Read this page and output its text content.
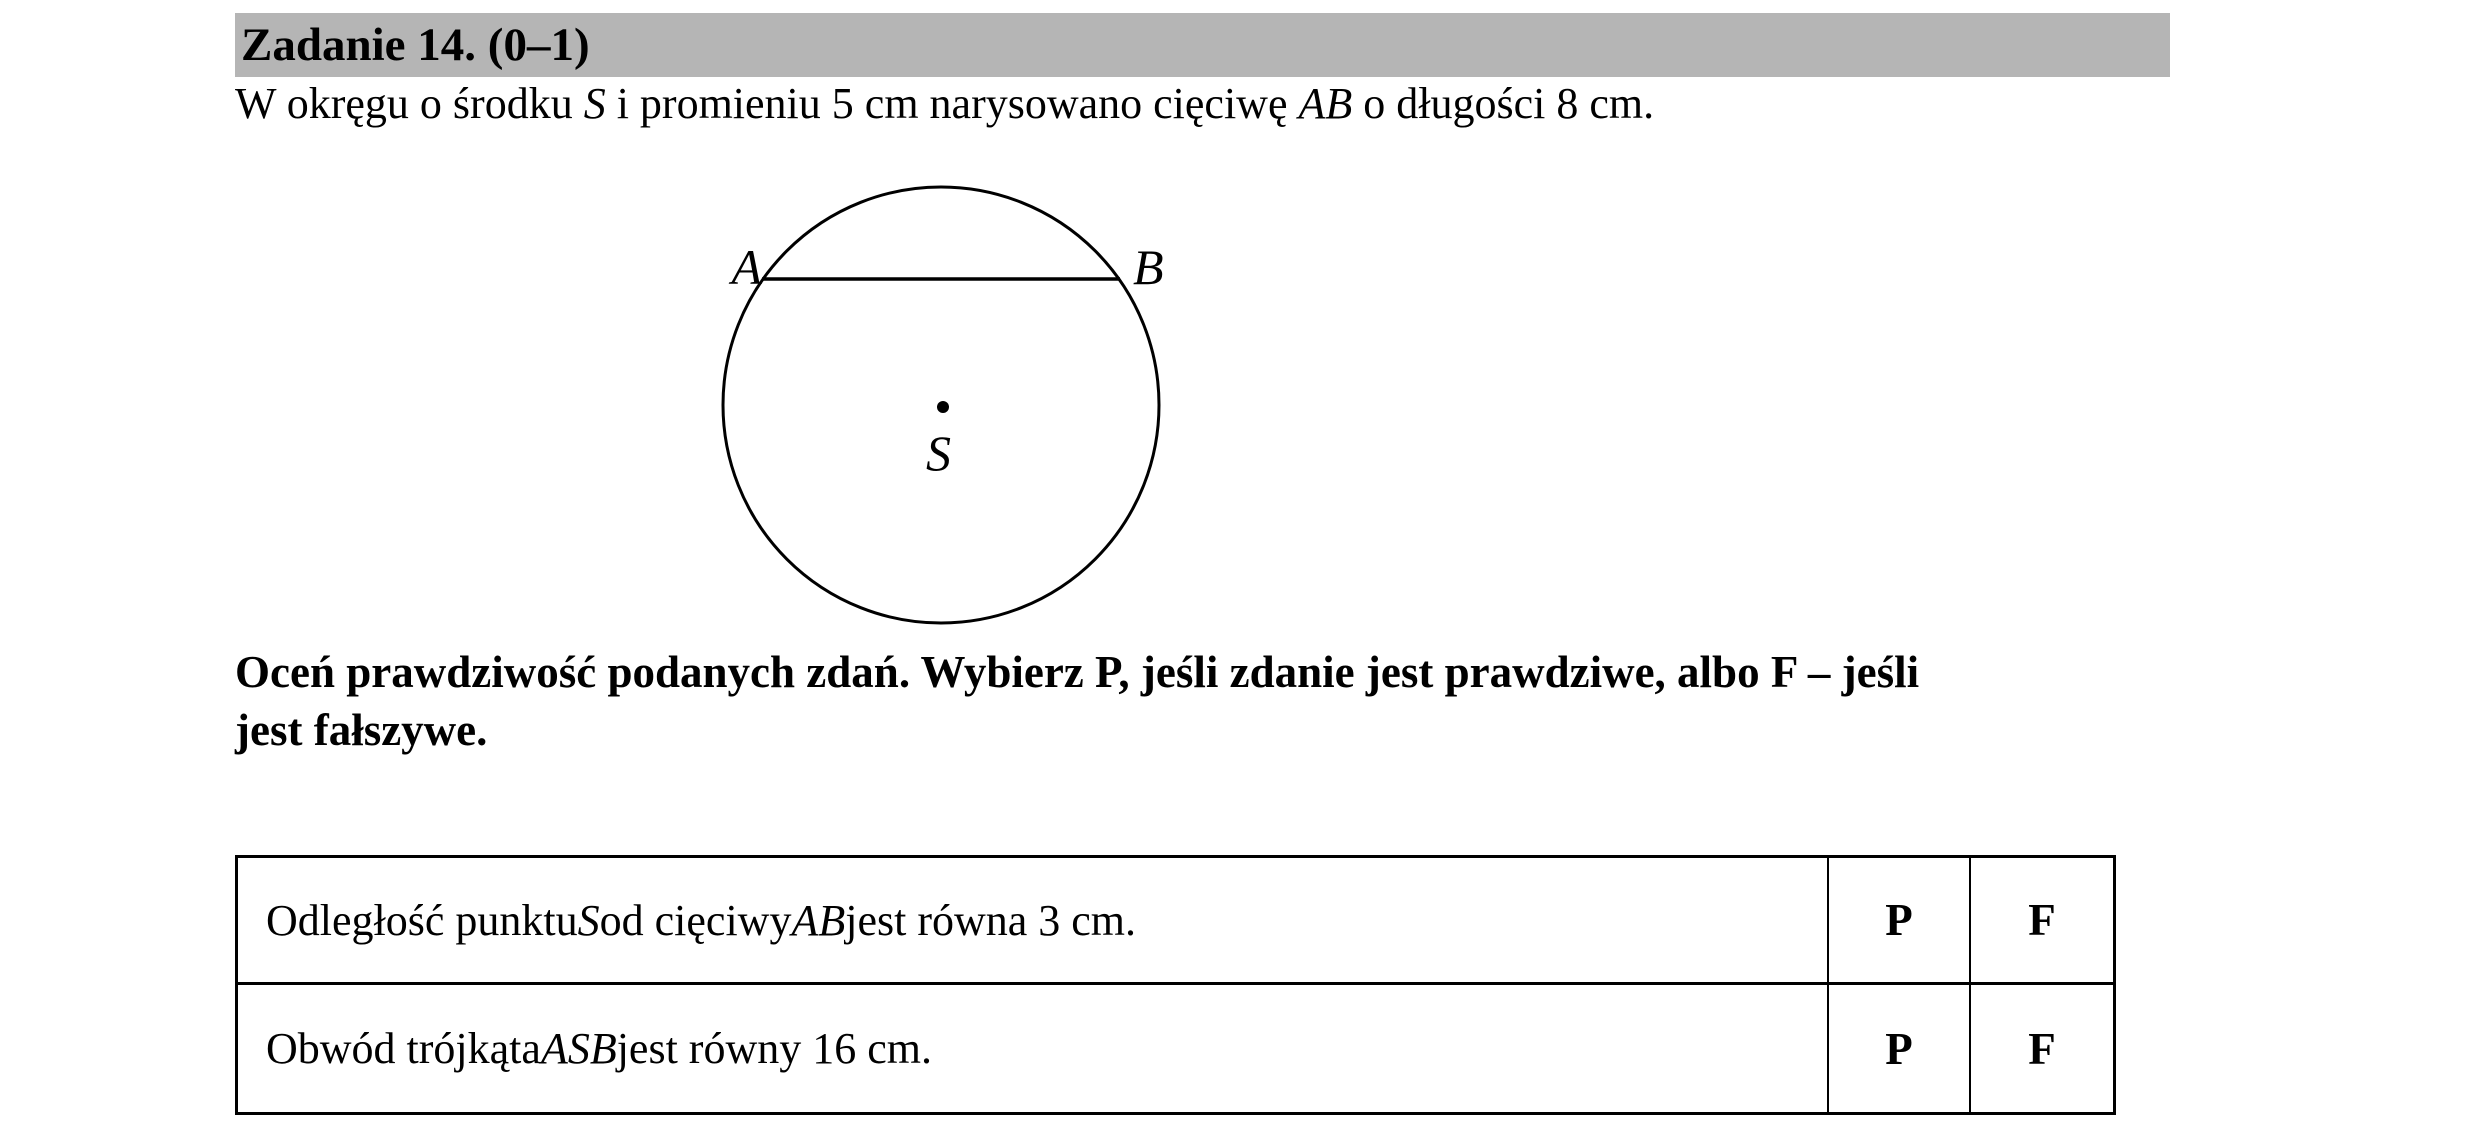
Zadanie 14. (0–1)
W okręgu o środku S i promieniu 5 cm narysowano cięciwę AB o długości 8 cm.
A	B
S
Oceń prawdziwość podanych zdań. Wybierz P, jeśli zdanie jest prawdziwe, albo F – jeśli
jest fałszywe.
Odległość punktu S od cięciwy AB jest równa 3 cm.	P	F
Obwód trójkąta ASB jest równy 16 cm.	P	F
